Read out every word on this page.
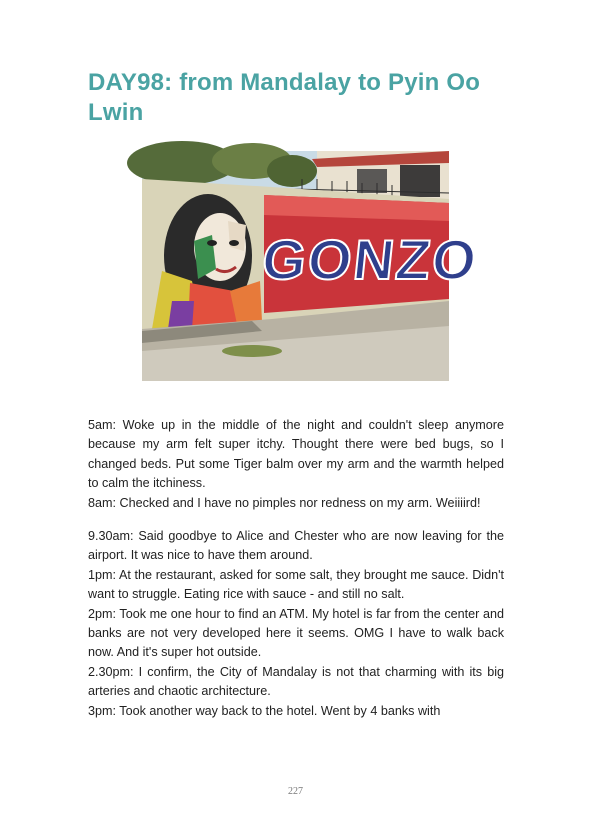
DAY98: from Mandalay to Pyin Oo Lwin
GONZO

5am: Woke up in the middle of the night and couldn't sleep anymore because my arm felt super itchy. Thought there were bed bugs, so I changed beds. Put some Tiger balm over my arm and the warmth helped to calm the itchiness.

8am: Checked and I have no pimples nor redness on my arm. Weiiiird!

9.30am: Said goodbye to Alice and Chester who are now leaving for the airport. It was nice to have them around.

1pm: At the restaurant, asked for some salt, they brought me sauce. Didn't want to struggle. Eating rice with sauce - and still no salt.

2pm: Took me one hour to find an ATM. My hotel is far from the center and banks are not very developed here it seems. OMG I have to walk back now. And it's super hot outside.

2.30pm: I confirm, the City of Mandalay is not that charming with its big arteries and chaotic architecture.

3pm: Took another way back to the hotel. Went by 4 banks with

227
